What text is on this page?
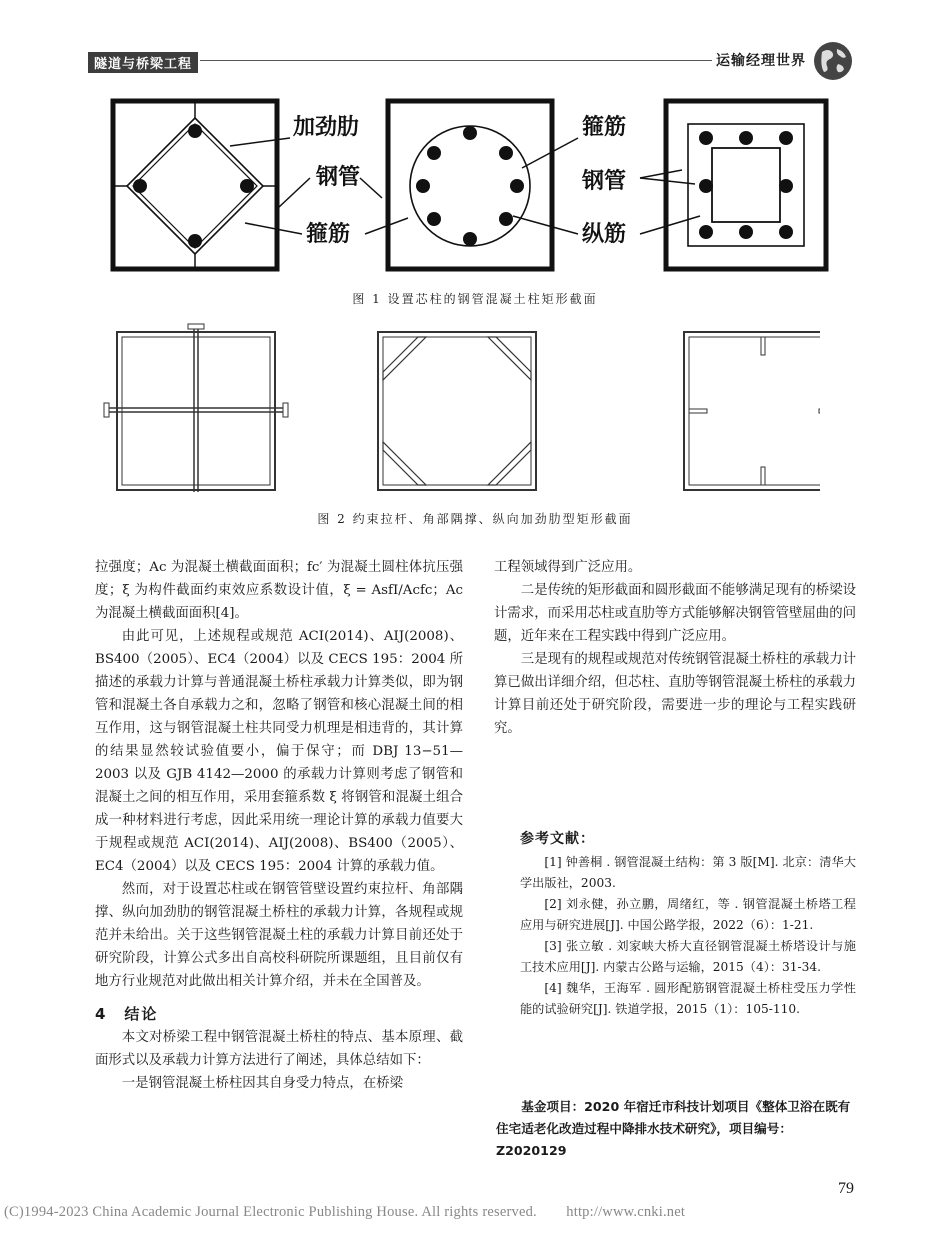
隧道与桥梁工程	运输经理世界
加劲肋
钢管
箍筋
箍筋
钢管
纵筋
图 1 设置芯柱的钢管混凝土柱矩形截面
图 2 约束拉杆、角部隅撑、纵向加劲肋型矩形截面

拉强度；Ac 为混凝土横截面面积；fc′ 为混凝土圆柱体抗压强度；ξ 为构件截面约束效应系数设计值，ξ = AsfI/Acfc；Ac 为混凝土横截面面积[4]。

由此可见，上述规程或规范 ACI(2014)、AIJ(2008)、BS400（2005）、EC4（2004）以及 CECS 195：2004 所描述的承载力计算与普通混凝土桥柱承载力计算类似，即为钢管和混凝土各自承载力之和，忽略了钢管和核心混凝土间的相互作用，这与钢管混凝土柱共同受力机理是相违背的，其计算的结果显然较试验值要小，偏于保守；而 DBJ 13−51—2003 以及 GJB 4142—2000 的承载力计算则考虑了钢管和混凝土之间的相互作用，采用套箍系数 ξ 将钢管和混凝土组合成一种材料进行考虑，因此采用统一理论计算的承载力值要大于规程或规范 ACI(2014)、AIJ(2008)、BS400（2005）、EC4（2004）以及 CECS 195：2004 计算的承载力值。

然而，对于设置芯柱或在钢管管壁设置约束拉杆、角部隅撑、纵向加劲肋的钢管混凝土桥柱的承载力计算，各规程或规范并未给出。关于这些钢管混凝土柱的承载力计算目前还处于研究阶段，计算公式多出自高校科研院所课题组，且目前仅有地方行业规范对此做出相关计算介绍，并未在全国普及。

4　结论

本文对桥梁工程中钢管混凝土桥柱的特点、基本原理、截面形式以及承载力计算方法进行了阐述，具体总结如下：

一是钢管混凝土桥柱因其自身受力特点，在桥梁

工程领域得到广泛应用。

二是传统的矩形截面和圆形截面不能够满足现有的桥梁设计需求，而采用芯柱或直肋等方式能够解决钢管管壁屈曲的问题，近年来在工程实践中得到广泛应用。

三是现有的规程或规范对传统钢管混凝土桥柱的承载力计算已做出详细介绍，但芯柱、直肋等钢管混凝土桥柱的承载力计算目前还处于研究阶段，需要进一步的理论与工程实践研究。

参考文献：

[1] 钟善桐 . 钢管混凝土结构：第 3 版[M]. 北京：清华大学出版社，2003.

[2] 刘永健，孙立鹏，周绪红，等 . 钢管混凝土桥塔工程应用与研究进展[J]. 中国公路学报，2022（6）：1-21.

[3] 张立敏 . 刘家峡大桥大直径钢管混凝土桥塔设计与施工技术应用[J]. 内蒙古公路与运输，2015（4）：31-34.

[4] 魏华，王海军 . 圆形配筋钢管混凝土桥柱受压力学性能的试验研究[J]. 铁道学报，2015（1）：105-110.

基金项目：2020 年宿迁市科技计划项目《整体卫浴在既有住宅适老化改造过程中降排水技术研究》，项目编号：Z2020129

79
(C)1994-2023 China Academic Journal Electronic Publishing House. All rights reserved.　　http://www.cnki.net
